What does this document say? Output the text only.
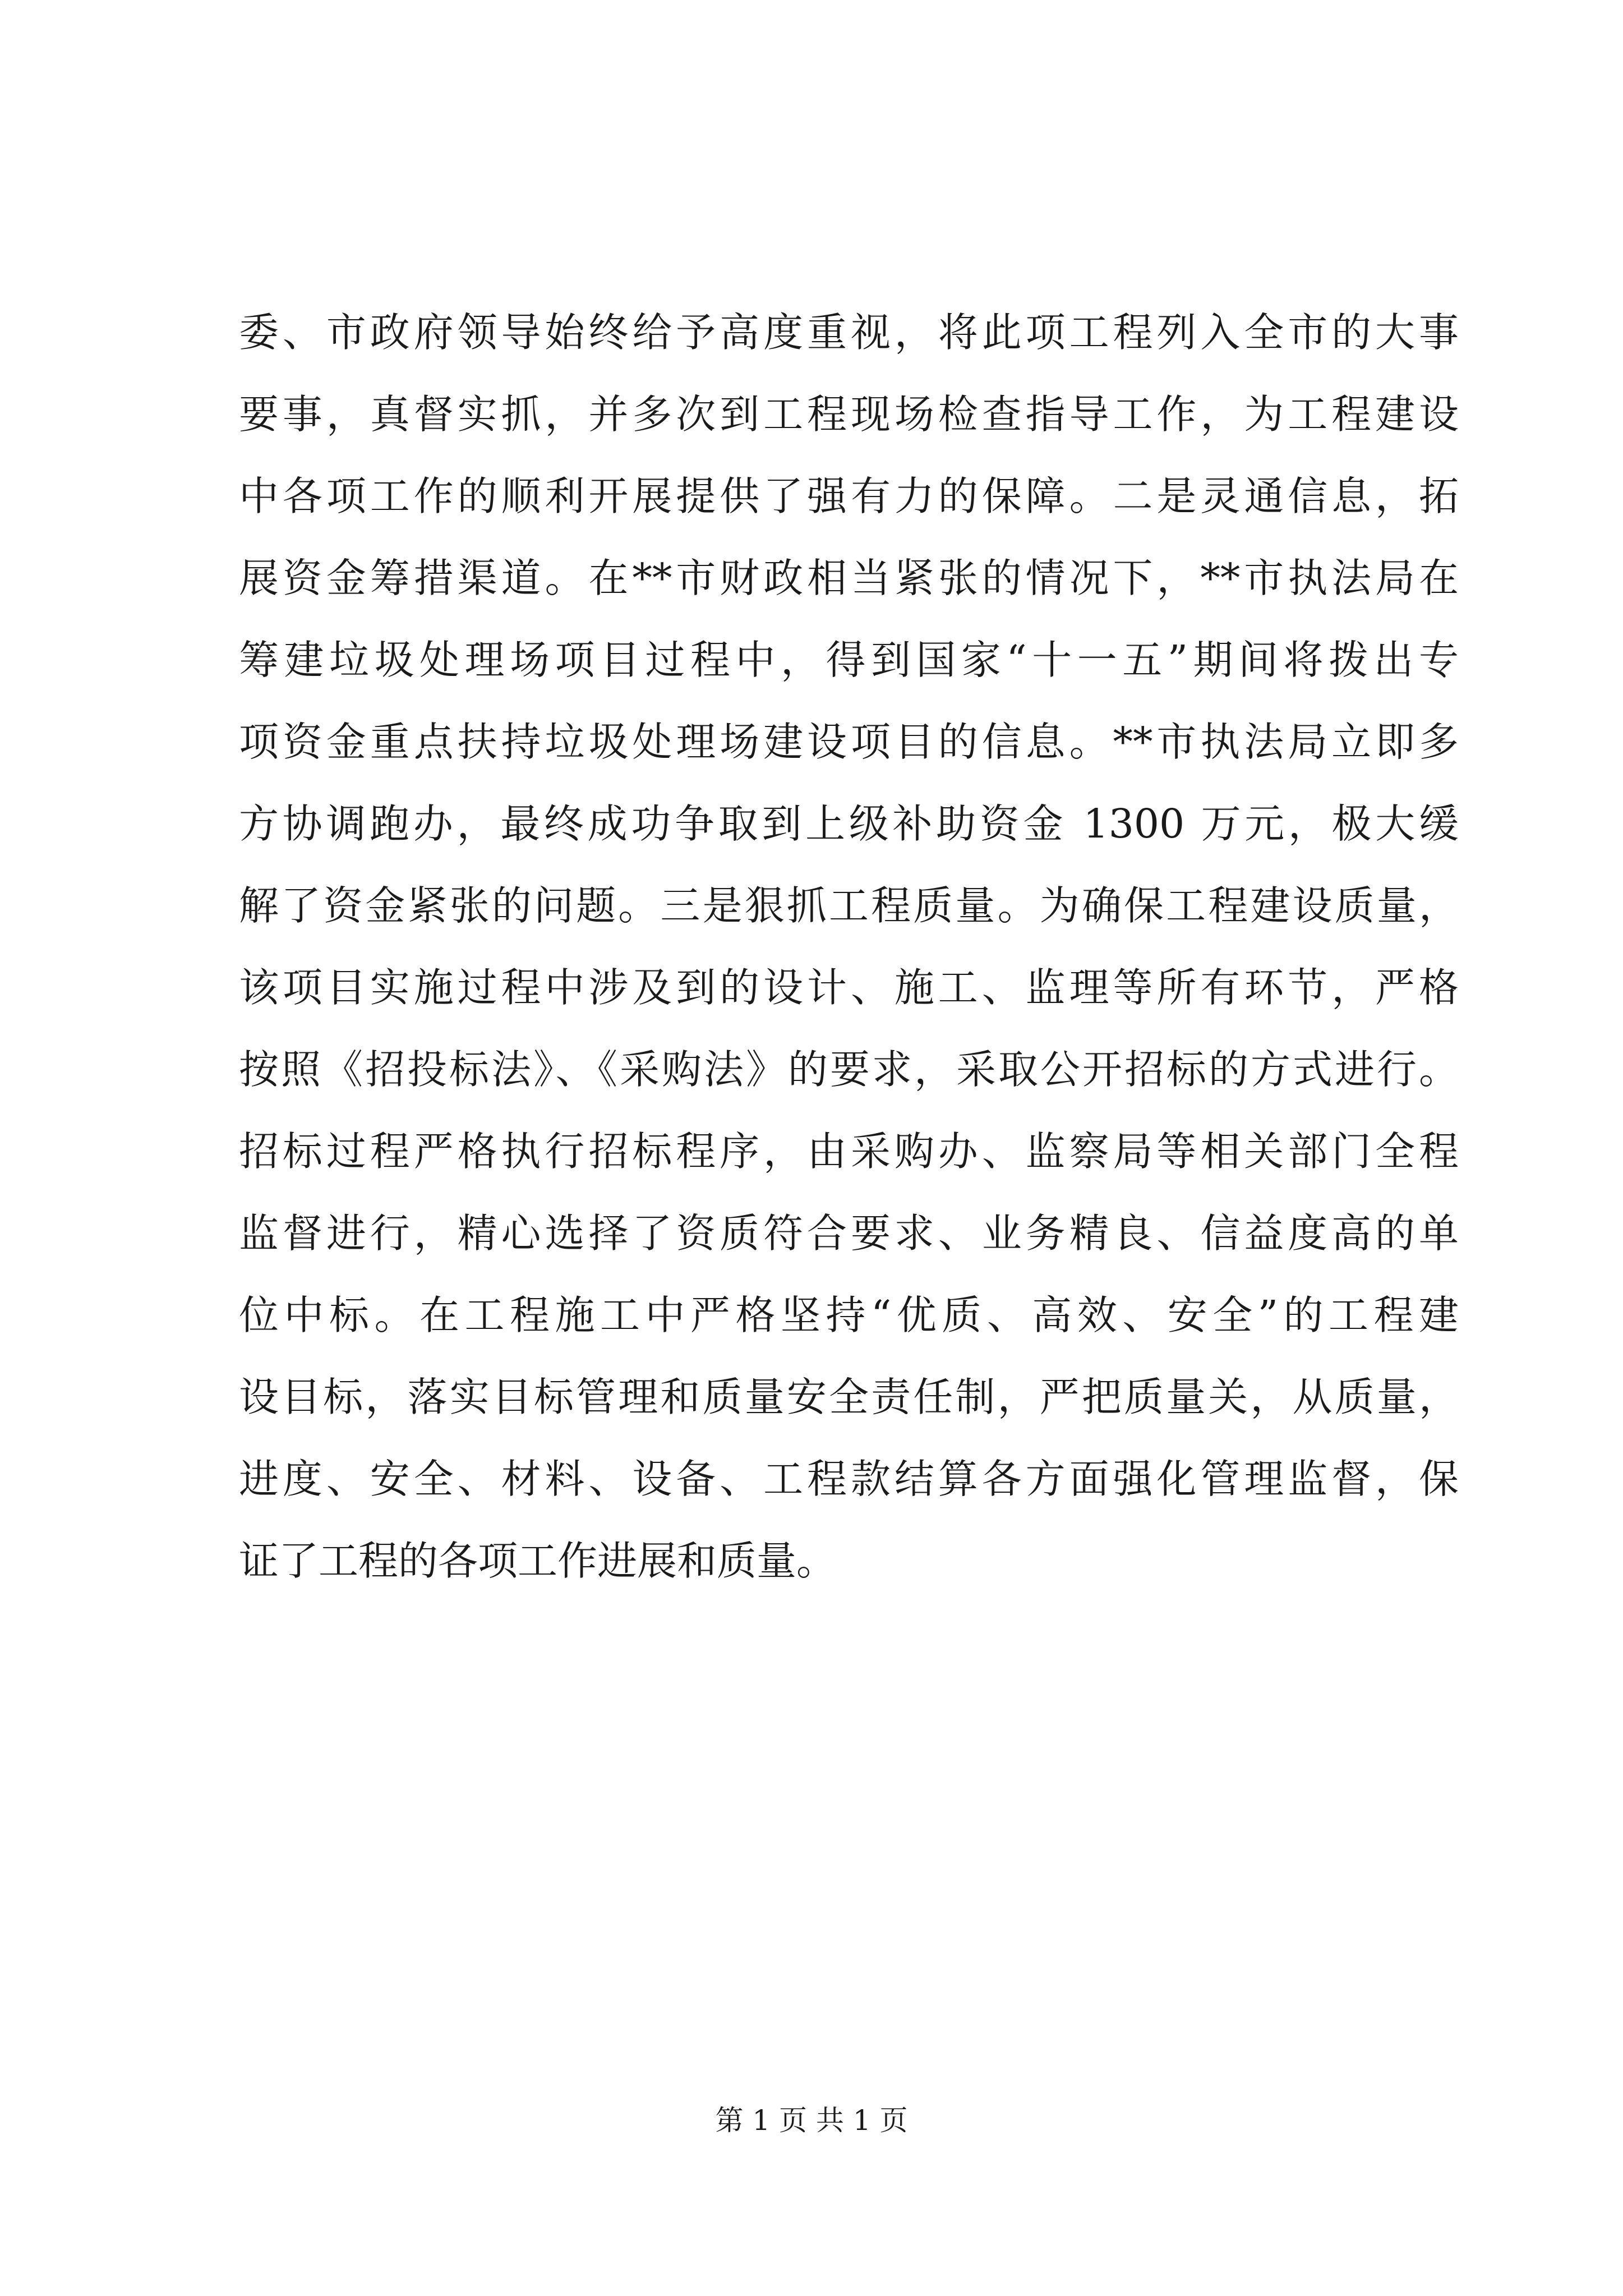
委、市政府领导始终给予高度重视，将此项工程列入全市的大事
要事，真督实抓，并多次到工程现场检查指导工作，为工程建设
中各项工作的顺利开展提供了强有力的保障。二是灵通信息，拓
展资金筹措渠道。在**市财政相当紧张的情况下，**市执法局在
筹建垃圾处理场项目过程中，得到国家“十一五”期间将拨出专
项资金重点扶持垃圾处理场建设项目的信息。**市执法局立即多
方协调跑办，最终成功争取到上级补助资金 1300 万元，极大缓
解了资金紧张的问题。三是狠抓工程质量。为确保工程建设质量，
该项目实施过程中涉及到的设计、施工、监理等所有环节，严格
按照《招投标法》、《采购法》的要求，采取公开招标的方式进行。
招标过程严格执行招标程序，由采购办、监察局等相关部门全程
监督进行，精心选择了资质符合要求、业务精良、信益度高的单
位中标。在工程施工中严格坚持“优质、高效、安全”的工程建
设目标，落实目标管理和质量安全责任制，严把质量关，从质量，
进度、安全、材料、设备、工程款结算各方面强化管理监督，保
证了工程的各项工作进展和质量。
第 1 页 共 1 页
